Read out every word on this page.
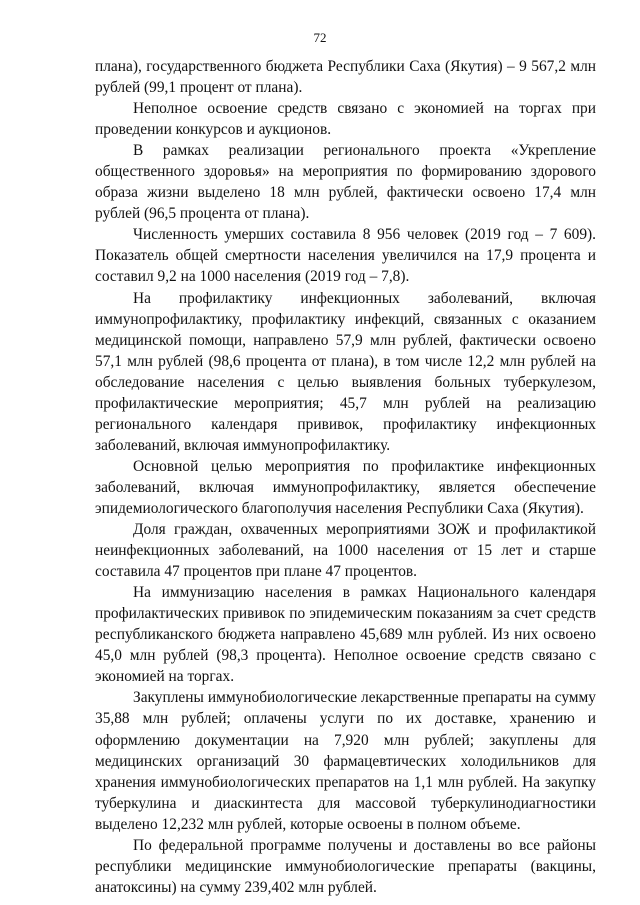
72

плана), государственного бюджета Республики Саха (Якутия) – 9 567,2 млн рублей (99,1 процент от плана).

Неполное освоение средств связано с экономией на торгах при проведении конкурсов и аукционов.

В рамках реализации регионального проекта «Укрепление общественного здоровья» на мероприятия по формированию здорового образа жизни выделено 18 млн рублей, фактически освоено 17,4 млн рублей (96,5 процента от плана).

Численность умерших составила 8 956 человек (2019 год – 7 609). Показатель общей смертности населения увеличился на 17,9 процента и составил 9,2 на 1000 населения (2019 год – 7,8).

На профилактику инфекционных заболеваний, включая иммунопрофилактику, профилактику инфекций, связанных с оказанием медицинской помощи, направлено 57,9 млн рублей, фактически освоено 57,1 млн рублей (98,6 процента от плана), в том числе 12,2 млн рублей на обследование населения с целью выявления больных туберкулезом, профилактические мероприятия; 45,7 млн рублей на реализацию регионального календаря прививок, профилактику инфекционных заболеваний, включая иммунопрофилактику.

Основной целью мероприятия по профилактике инфекционных заболеваний, включая иммунопрофилактику, является обеспечение эпидемиологического благополучия населения Республики Саха (Якутия).

Доля граждан, охваченных мероприятиями ЗОЖ и профилактикой неинфекционных заболеваний, на 1000 населения от 15 лет и старше составила 47 процентов при плане 47 процентов.

На иммунизацию населения в рамках Национального календаря профилактических прививок по эпидемическим показаниям за счет средств республиканского бюджета направлено 45,689 млн рублей. Из них освоено 45,0 млн рублей (98,3 процента). Неполное освоение средств связано с экономией на торгах.

Закуплены иммунобиологические лекарственные препараты на сумму 35,88 млн рублей; оплачены услуги по их доставке, хранению и оформлению документации на 7,920 млн рублей; закуплены для медицинских организаций 30 фармацевтических холодильников для хранения иммунобиологических препаратов на 1,1 млн рублей. На закупку туберкулина и диаскинтеста для массовой туберкулинодиагностики выделено 12,232 млн рублей, которые освоены в полном объеме.

По федеральной программе получены и доставлены во все районы республики медицинские иммунобиологические препараты (вакцины, анатоксины) на сумму 239,402 млн рублей.
